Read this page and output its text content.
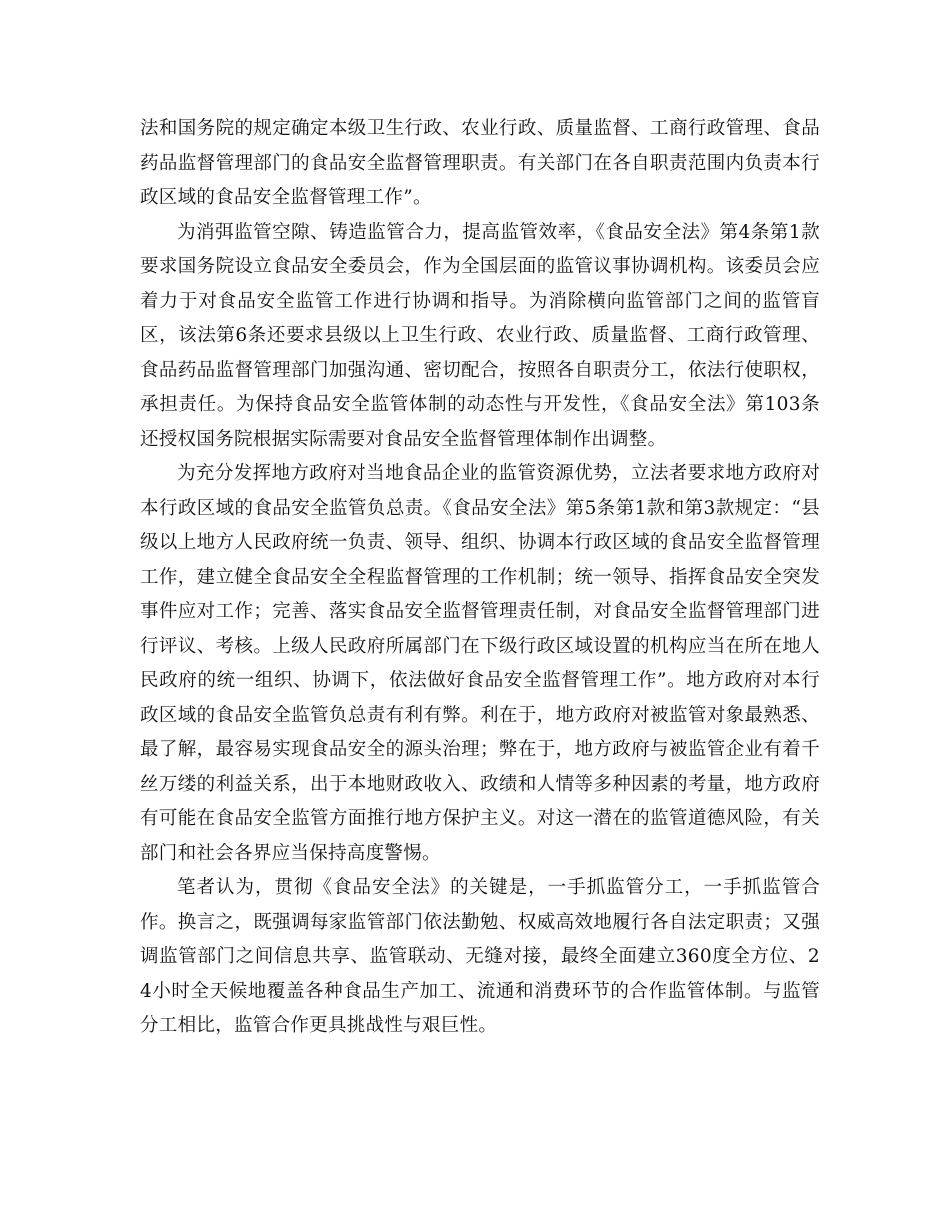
法和国务院的规定确定本级卫生行政、农业行政、质量监督、工商行政管理、食品药品监督管理部门的食品安全监督管理职责。有关部门在各自职责范围内负责本行政区域的食品安全监督管理工作”。

为消弭监管空隙、铸造监管合力，提高监管效率，《食品安全法》第4条第1款要求国务院设立食品安全委员会，作为全国层面的监管议事协调机构。该委员会应着力于对食品安全监管工作进行协调和指导。为消除横向监管部门之间的监管盲区，该法第6条还要求县级以上卫生行政、农业行政、质量监督、工商行政管理、食品药品监督管理部门加强沟通、密切配合，按照各自职责分工，依法行使职权，承担责任。为保持食品安全监管体制的动态性与开发性，《食品安全法》第103条还授权国务院根据实际需要对食品安全监督管理体制作出调整。

为充分发挥地方政府对当地食品企业的监管资源优势，立法者要求地方政府对本行政区域的食品安全监管负总责。《食品安全法》第5条第1款和第3款规定：“县级以上地方人民政府统一负责、领导、组织、协调本行政区域的食品安全监督管理工作，建立健全食品安全全程监督管理的工作机制；统一领导、指挥食品安全突发事件应对工作；完善、落实食品安全监督管理责任制，对食品安全监督管理部门进行评议、考核。上级人民政府所属部门在下级行政区域设置的机构应当在所在地人民政府的统一组织、协调下，依法做好食品安全监督管理工作”。地方政府对本行政区域的食品安全监管负总责有利有弊。利在于，地方政府对被监管对象最熟悉、最了解，最容易实现食品安全的源头治理；弊在于，地方政府与被监管企业有着千丝万缕的利益关系，出于本地财政收入、政绩和人情等多种因素的考量，地方政府有可能在食品安全监管方面推行地方保护主义。对这一潜在的监管道德风险，有关部门和社会各界应当保持高度警惕。

笔者认为，贯彻《食品安全法》的关键是，一手抓监管分工，一手抓监管合作。换言之，既强调每家监管部门依法勤勉、权威高效地履行各自法定职责；又强调监管部门之间信息共享、监管联动、无缝对接，最终全面建立360度全方位、24小时全天候地覆盖各种食品生产加工、流通和消费环节的合作监管体制。与监管分工相比，监管合作更具挑战性与艰巨性。
